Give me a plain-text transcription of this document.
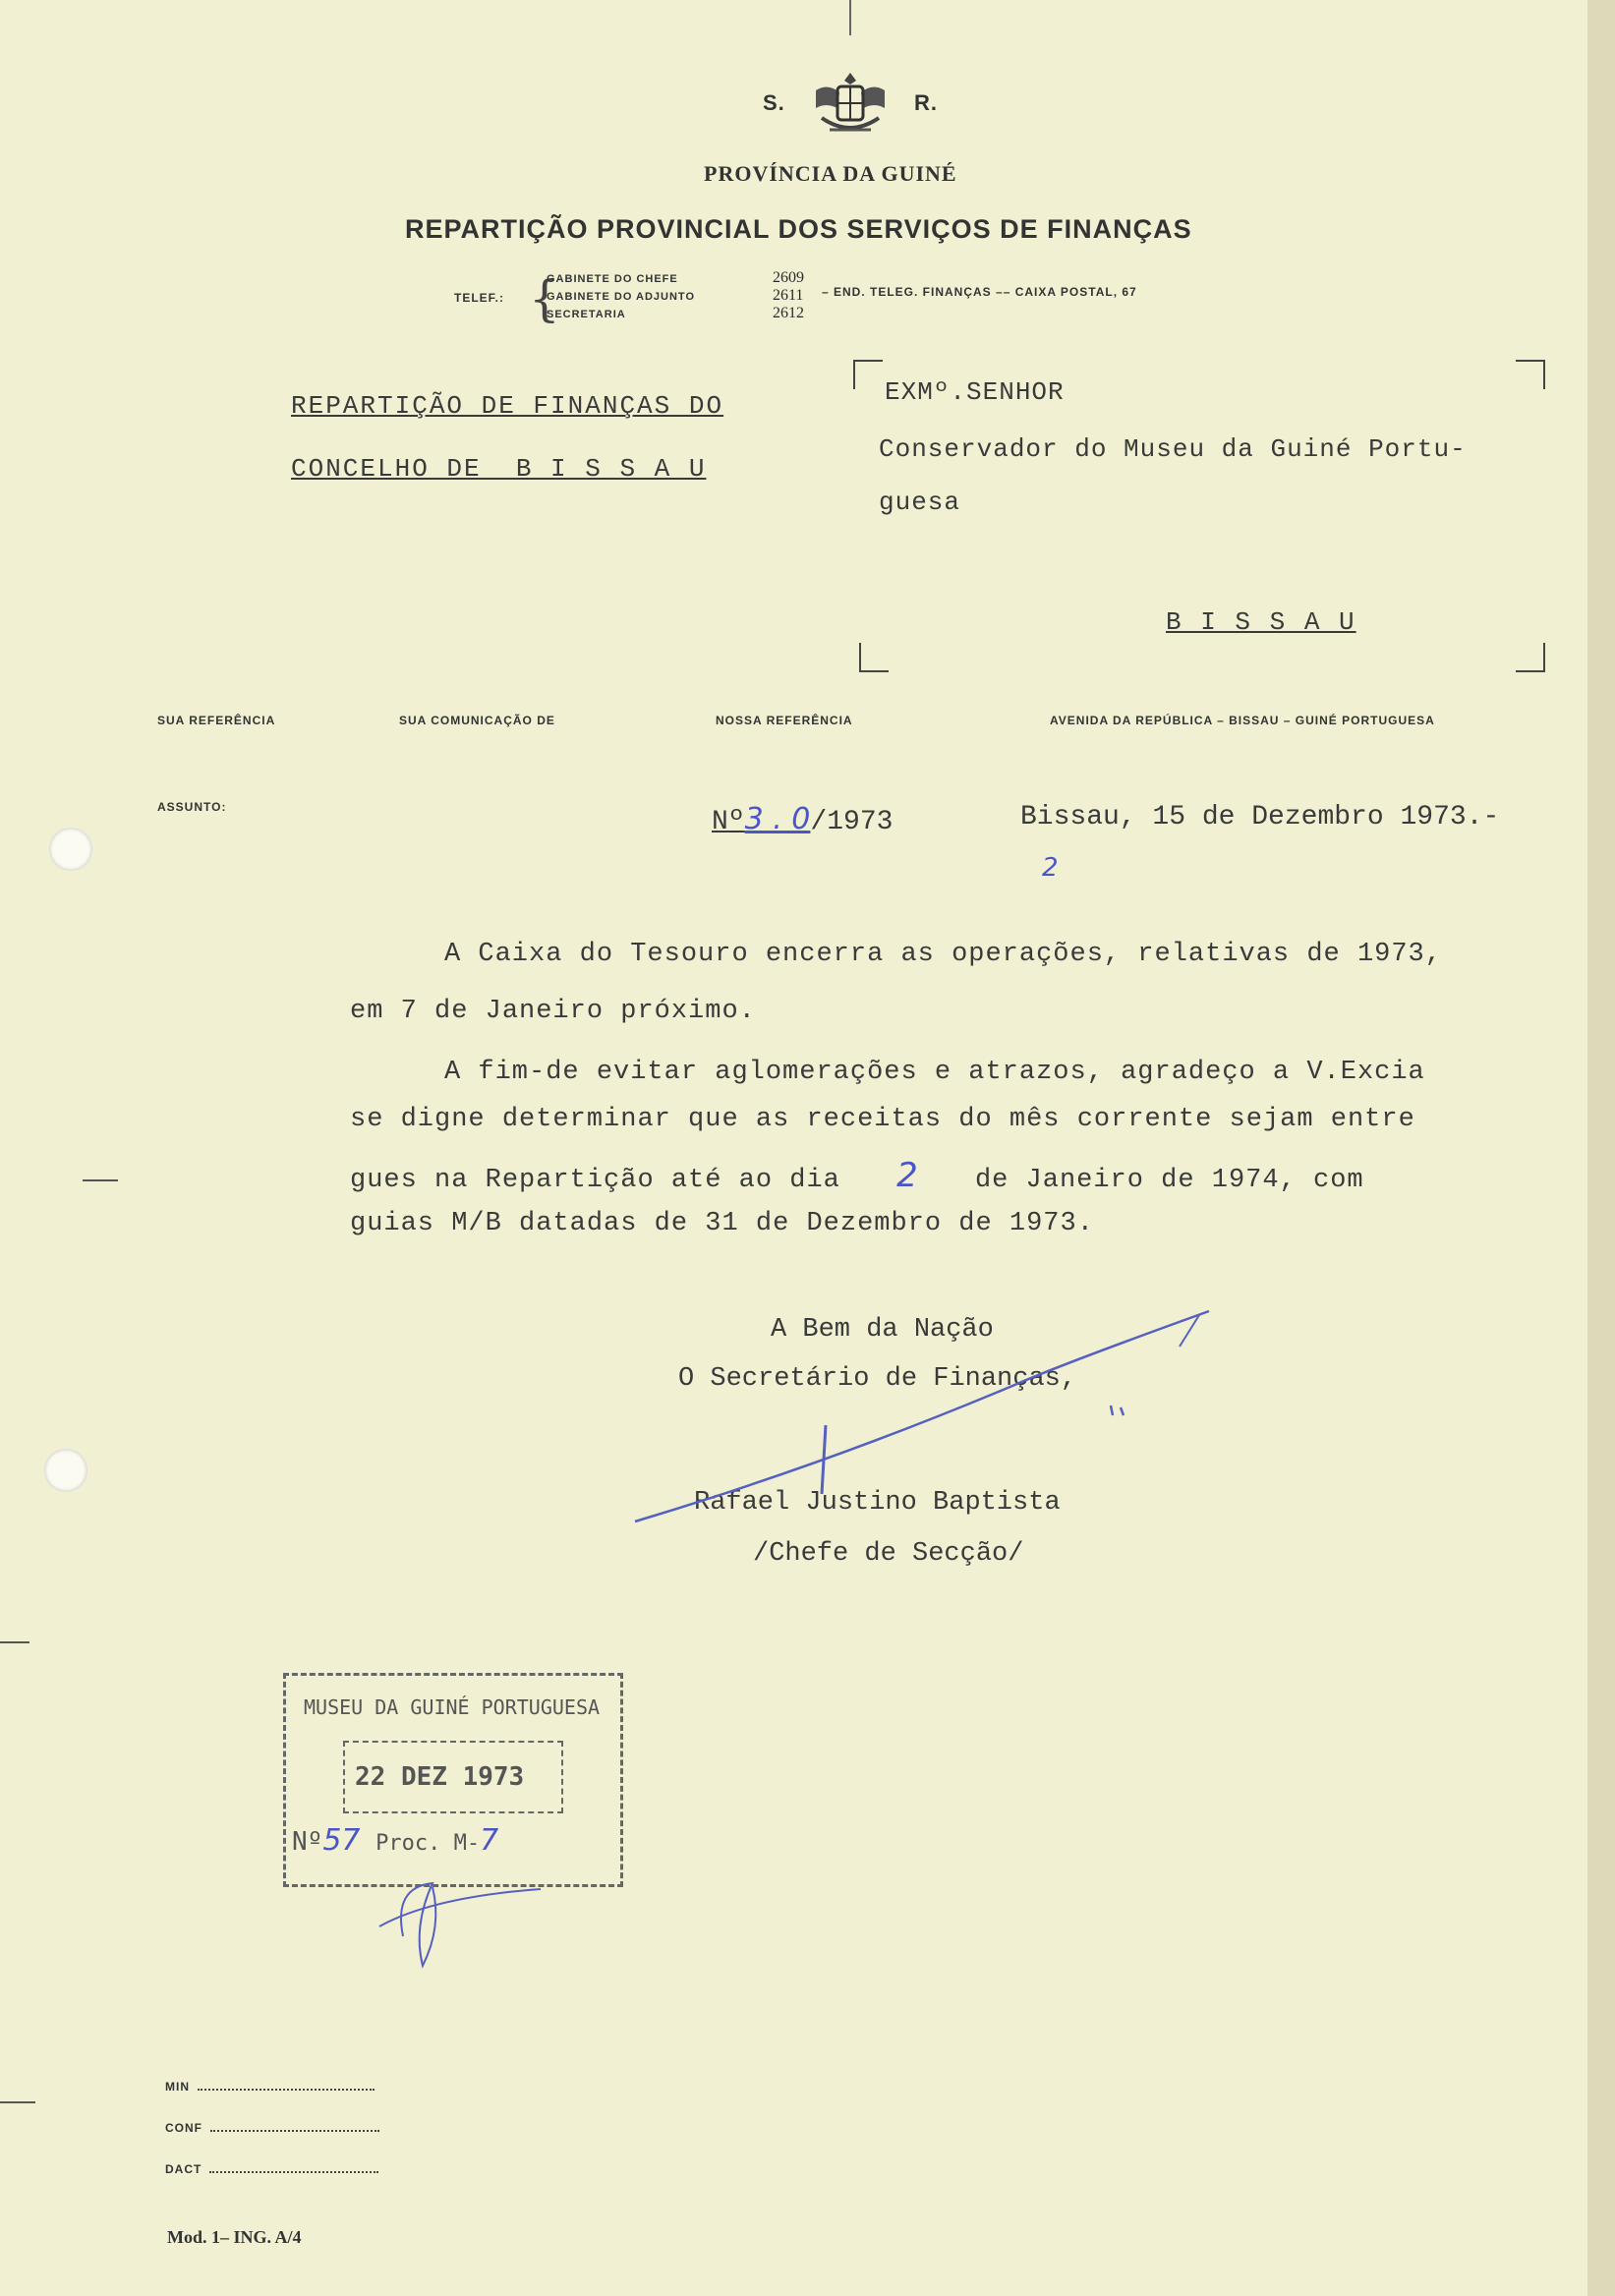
S.	R.
PROVÍNCIA DA GUINÉ
REPARTIÇÃO PROVINCIAL DOS SERVIÇOS DE FINANÇAS
TELEF.: {
GABINETE DO CHEFE	2609
GABINETE DO ADJUNTO	2611
SECRETARIA	2612
– END. TELEG. FINANÇAS –– CAIXA POSTAL, 67
REPARTIÇÃO DE FINANÇAS DO
CONCELHO DE  B I S S A U
EXMº.SENHOR
Conservador do Museu da Guiné Portu-
guesa
B I S S A U
SUA REFERÊNCIA	SUA COMUNICAÇÃO DE	NOSSA REFERÊNCIA	AVENIDA DA REPÚBLICA – BISSAU – GUINÉ PORTUGUESA
ASSUNTO:	Nº3 . 0/1973	Bissau, 15 de Dezembro 1973.-
2
A Caixa do Tesouro encerra as operações, relativas de 1973,
em 7 de Janeiro próximo.
A fim-de evitar aglomerações e atrazos, agradeço a V.Excia
se digne determinar que as receitas do mês corrente sejam entre
gues na Repartição até ao dia 2 de Janeiro de 1974, com
guias M/B datadas de 31 de Dezembro de 1973.
A Bem da Nação
O Secretário de Finanças,
Rafael Justino Baptista
/Chefe de Secção/
MUSEU DA GUINÉ PORTUGUESA
22 DEZ 1973
Nº57 Proc. M-7
MIN
CONF
DACT
Mod. 1– ING. A/4
